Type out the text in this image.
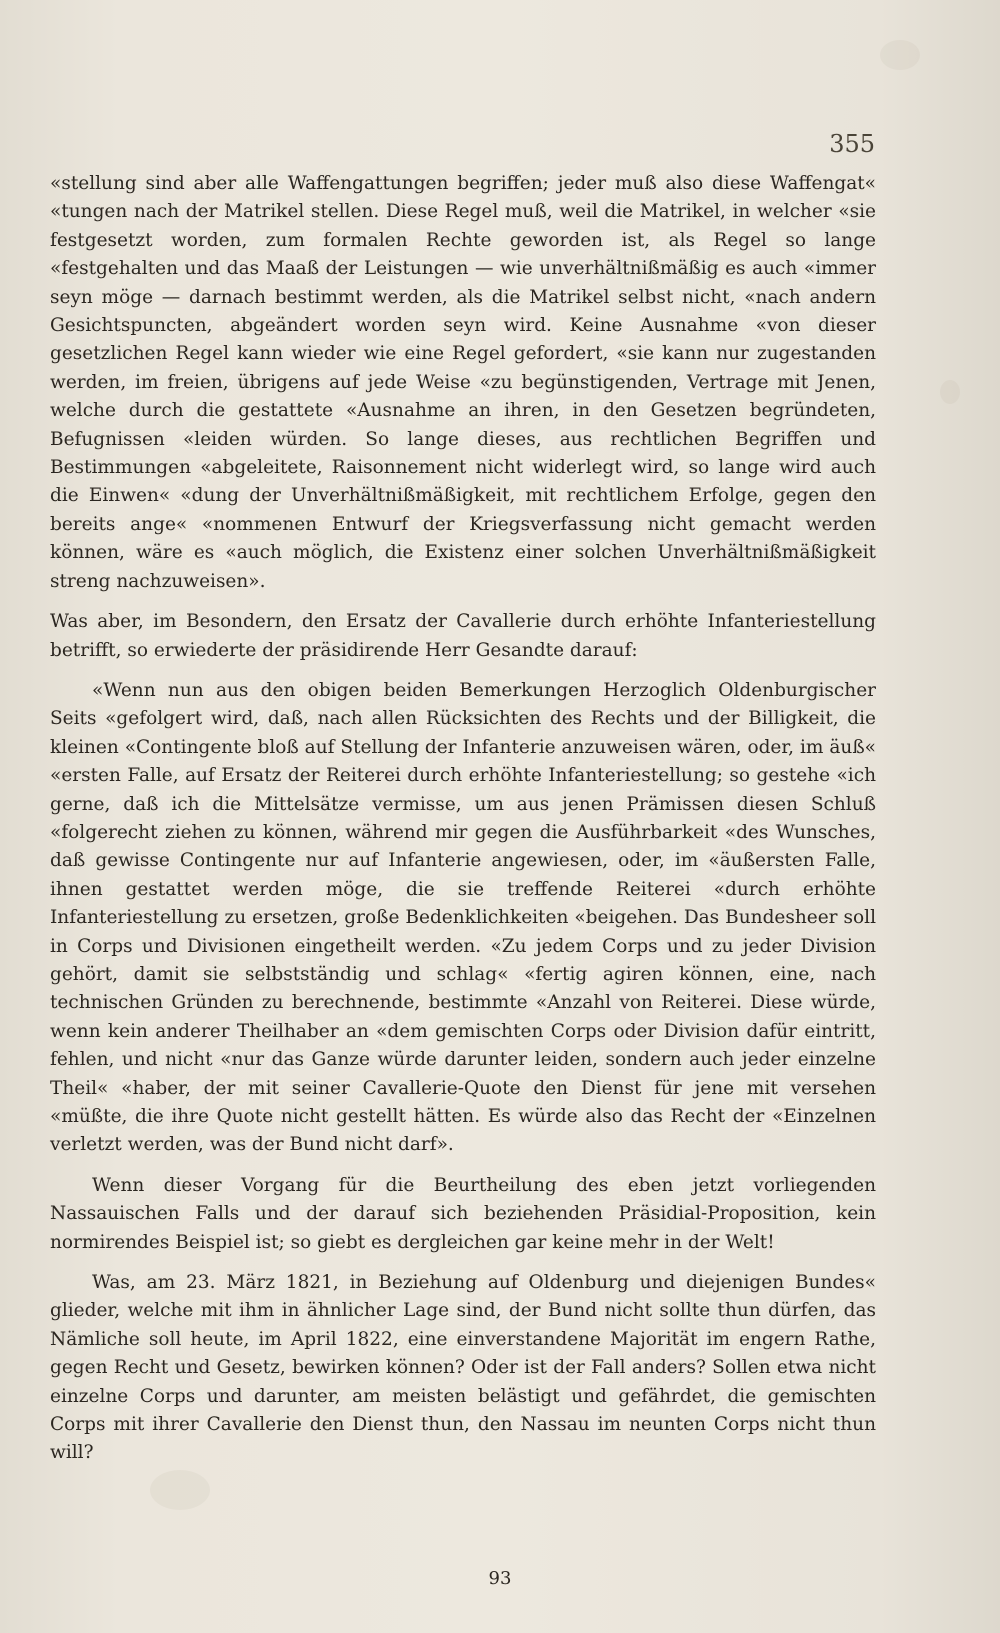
355

«stellung sind aber alle Waffengattungen begriffen; jeder muß also diese Waffengat« «tungen nach der Matrikel stellen. Diese Regel muß, weil die Matrikel, in welcher «sie festgesetzt worden, zum formalen Rechte geworden ist, als Regel so lange «festgehalten und das Maaß der Leistungen — wie unverhältnißmäßig es auch «immer seyn möge — darnach bestimmt werden, als die Matrikel selbst nicht, «nach andern Gesichtspuncten, abgeändert worden seyn wird. Keine Ausnahme «von dieser gesetzlichen Regel kann wieder wie eine Regel gefordert, «sie kann nur zugestanden werden, im freien, übrigens auf jede Weise «zu begünstigenden, Vertrage mit Jenen, welche durch die gestattete «Ausnahme an ihren, in den Gesetzen begründeten, Befugnissen «leiden würden. So lange dieses, aus rechtlichen Begriffen und Bestimmungen «abgeleitete, Raisonnement nicht widerlegt wird, so lange wird auch die Einwen« «dung der Unverhältnißmäßigkeit, mit rechtlichem Erfolge, gegen den bereits ange« «nommenen Entwurf der Kriegsverfassung nicht gemacht werden können, wäre es «auch möglich, die Existenz einer solchen Unverhältnißmäßigkeit streng nachzuweisen».

Was aber, im Besondern, den Ersatz der Cavallerie durch erhöhte Infanteriestellung betrifft, so erwiederte der präsidirende Herr Gesandte darauf:

«Wenn nun aus den obigen beiden Bemerkungen Herzoglich Oldenburgischer Seits «gefolgert wird, daß, nach allen Rücksichten des Rechts und der Billigkeit, die kleinen «Contingente bloß auf Stellung der Infanterie anzuweisen wären, oder, im äuß« «ersten Falle, auf Ersatz der Reiterei durch erhöhte Infanteriestellung; so gestehe «ich gerne, daß ich die Mittelsätze vermisse, um aus jenen Prämissen diesen Schluß «folgerecht ziehen zu können, während mir gegen die Ausführbarkeit «des Wunsches, daß gewisse Contingente nur auf Infanterie angewiesen, oder, im «äußersten Falle, ihnen gestattet werden möge, die sie treffende Reiterei «durch erhöhte Infanteriestellung zu ersetzen, große Bedenklichkeiten «beigehen. Das Bundesheer soll in Corps und Divisionen eingetheilt werden. «Zu jedem Corps und zu jeder Division gehört, damit sie selbstständig und schlag« «fertig agiren können, eine, nach technischen Gründen zu berechnende, bestimmte «Anzahl von Reiterei. Diese würde, wenn kein anderer Theilhaber an «dem gemischten Corps oder Division dafür eintritt, fehlen, und nicht «nur das Ganze würde darunter leiden, sondern auch jeder einzelne Theil« «haber, der mit seiner Cavallerie-Quote den Dienst für jene mit versehen «müßte, die ihre Quote nicht gestellt hätten. Es würde also das Recht der «Einzelnen verletzt werden, was der Bund nicht darf».

Wenn dieser Vorgang für die Beurtheilung des eben jetzt vorliegenden Nassauischen Falls und der darauf sich beziehenden Präsidial-Proposition, kein normirendes Beispiel ist; so giebt es dergleichen gar keine mehr in der Welt!

Was, am 23. März 1821, in Beziehung auf Oldenburg und diejenigen Bundes« glieder, welche mit ihm in ähnlicher Lage sind, der Bund nicht sollte thun dürfen, das Nämliche soll heute, im April 1822, eine einverstandene Majorität im engern Rathe, gegen Recht und Gesetz, bewirken können? Oder ist der Fall anders? Sollen etwa nicht einzelne Corps und darunter, am meisten belästigt und gefährdet, die gemischten Corps mit ihrer Cavallerie den Dienst thun, den Nassau im neunten Corps nicht thun will?

93
